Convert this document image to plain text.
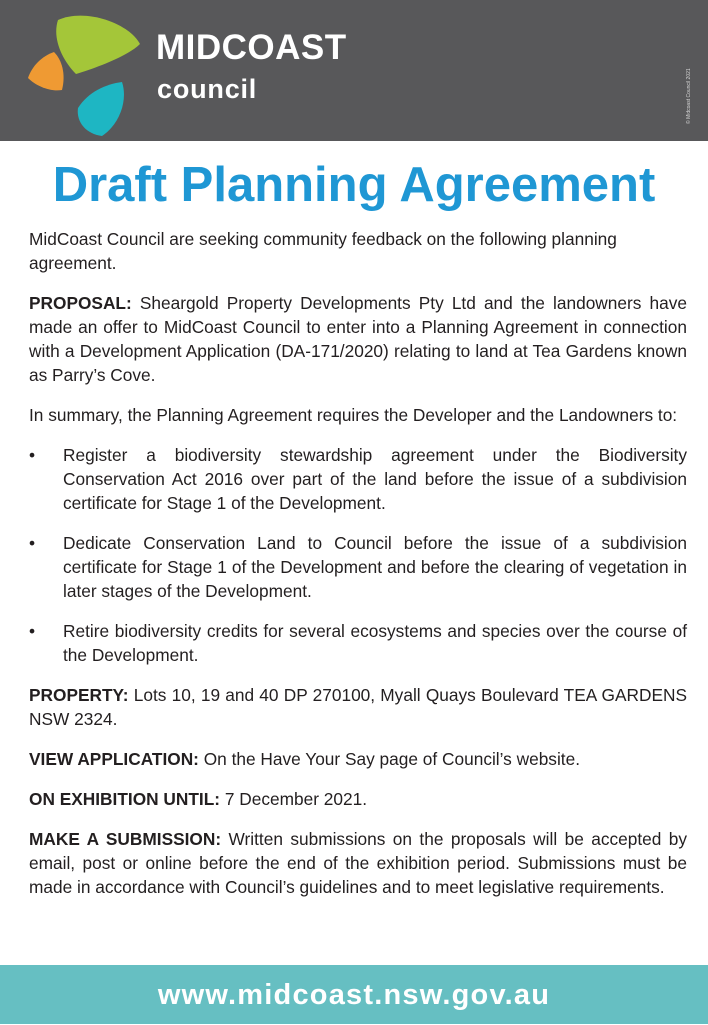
MIDCOAST
council	© Midcoast Council 2021
Draft Planning Agreement

MidCoast Council are seeking community feedback on the following planning agreement.

PROPOSAL: Sheargold Property Developments Pty Ltd and the landowners have made an offer to MidCoast Council to enter into a Planning Agreement in connection with a Development Application (DA-171/2020) relating to land at Tea Gardens known as Parry’s Cove.

In summary, the Planning Agreement requires the Developer and the Landowners to:

• Register a biodiversity stewardship agreement under the Biodiversity Conservation Act 2016 over part of the land before the issue of a subdivision certificate for Stage 1 of the Development.
• Dedicate Conservation Land to Council before the issue of a subdivision certificate for Stage 1 of the Development and before the clearing of vegetation in later stages of the Development.
• Retire biodiversity credits for several ecosystems and species over the course of the Development.

PROPERTY: Lots 10, 19 and 40 DP 270100, Myall Quays Boulevard TEA GARDENS NSW 2324.

VIEW APPLICATION: On the Have Your Say page of Council’s website.

ON EXHIBITION UNTIL: 7 December 2021.

MAKE A SUBMISSION: Written submissions on the proposals will be accepted by email, post or online before the end of the exhibition period. Submissions must be made in accordance with Council’s guidelines and to meet legislative requirements.

www.midcoast.nsw.gov.au
